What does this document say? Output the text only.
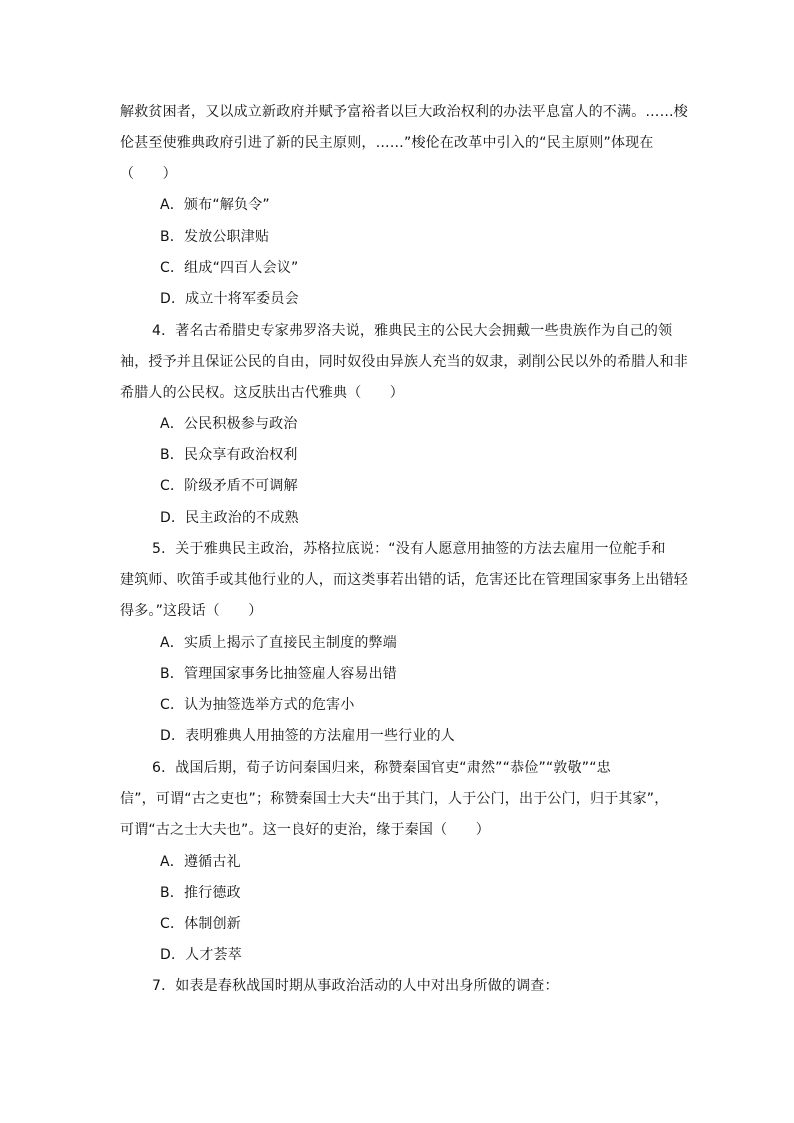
解救贫困者，又以成立新政府并赋予富裕者以巨大政治权利的办法平息富人的不满。……梭
伦甚至使雅典政府引进了新的民主原则，……”梭伦在改革中引入的“民主原则”体现在
（　　）
A．颁布“解负令”
B．发放公职津贴
C．组成“四百人会议”
D．成立十将军委员会
4．著名古希腊史专家弗罗洛夫说，雅典民主的公民大会拥戴一些贵族作为自己的领
袖，授予并且保证公民的自由，同时奴役由异族人充当的奴隶，剥削公民以外的希腊人和非
希腊人的公民权。这反肤出古代雅典（　　）
A．公民积极参与政治
B．民众享有政治权利
C．阶级矛盾不可调解
D．民主政治的不成熟
5．关于雅典民主政治，苏格拉底说：“没有人愿意用抽签的方法去雇用一位舵手和
建筑师、吹笛手或其他行业的人，而这类事若出错的话，危害还比在管理国家事务上出错轻
得多。”这段话（　　）
A．实质上揭示了直接民主制度的弊端
B．管理国家事务比抽签雇人容易出错
C．认为抽签选举方式的危害小
D．表明雅典人用抽签的方法雇用一些行业的人
6．战国后期，荀子访问秦国归来，称赞秦国官吏“肃然”“恭俭”“敦敬”“忠
信”，可谓“古之吏也”；称赞秦国士大夫“出于其门，人于公门，出于公门，归于其家”，
可谓“古之士大夫也”。这一良好的吏治，缘于秦国（　　）
A．遵循古礼
B．推行德政
C．体制创新
D．人才荟萃
7．如表是春秋战国时期从事政治活动的人中对出身所做的调查：
